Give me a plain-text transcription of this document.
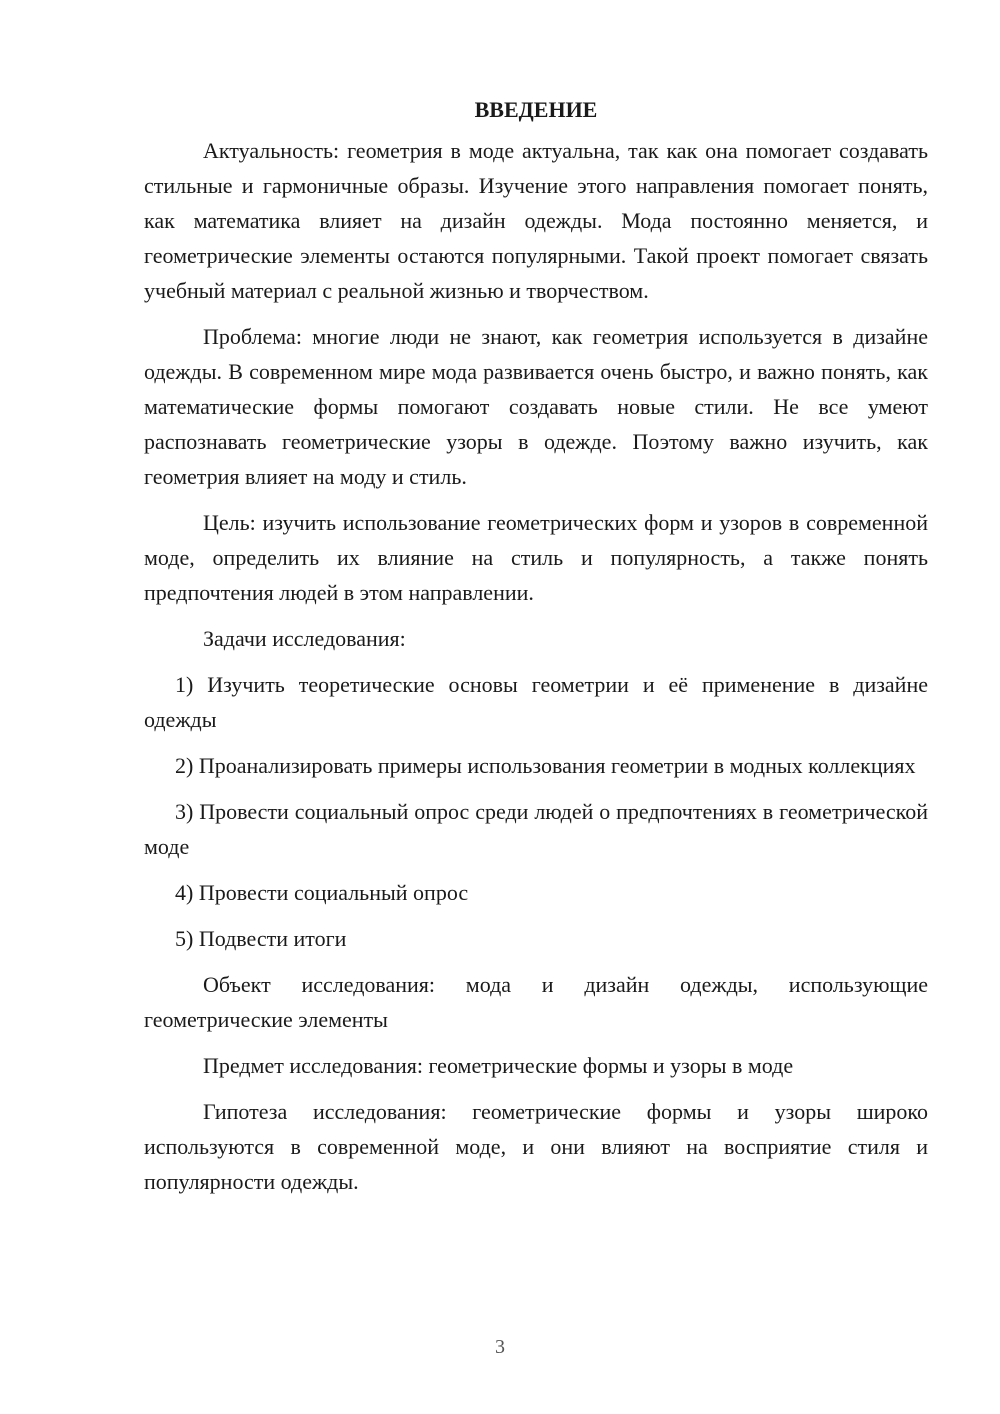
ВВЕДЕНИЕ

Актуальность: геометрия в моде актуальна, так как она помогает создавать стильные и гармоничные образы. Изучение этого направления помогает понять, как математика влияет на дизайн одежды. Мода постоянно меняется, и геометрические элементы остаются популярными. Такой проект помогает связать учебный материал с реальной жизнью и творчеством.

Проблема: многие люди не знают, как геометрия используется в дизайне одежды. В современном мире мода развивается очень быстро, и важно понять, как математические формы помогают создавать новые стили. Не все умеют распознавать геометрические узоры в одежде. Поэтому важно изучить, как геометрия влияет на моду и стиль.

Цель: изучить использование геометрических форм и узоров в современной моде, определить их влияние на стиль и популярность, а также понять предпочтения людей в этом направлении.

Задачи исследования:

1) Изучить теоретические основы геометрии и её применение в дизайне одежды

2) Проанализировать примеры использования геометрии в модных коллекциях

3) Провести социальный опрос среди людей о предпочтениях в геометрической моде

4) Провести социальный опрос

5) Подвести итоги

Объект исследования: мода и дизайн одежды, использующие геометрические элементы

Предмет исследования: геометрические формы и узоры в моде

Гипотеза исследования: геометрические формы и узоры широко используются в современной моде, и они влияют на восприятие стиля и популярности одежды.

3
